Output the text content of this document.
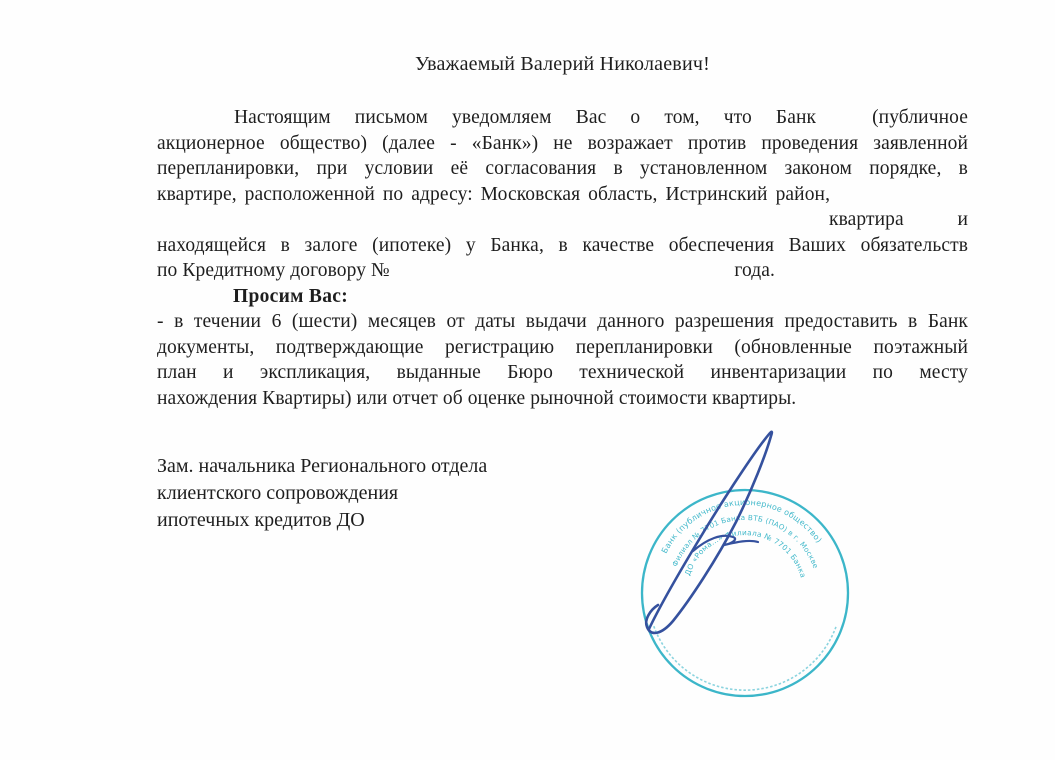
Уважаемый Валерий Николаевич!
Настоящим письмом уведомляем Вас о том, что Банк	(публичное
акционерное общество) (далее - «Банк») не возражает против проведения заявленной
перепланировки, при условии её согласования в установленном законом порядке, в
квартире, расположенной по адресу: Московская область, Истринский район,
квартира	и
находящейся в залоге (ипотеке) у Банка, в качестве обеспечения Ваших обязательств
по Кредитному договору №	года.
Просим Вас:
- в течении 6 (шести) месяцев от даты выдачи данного разрешения предоставить в Банк
документы, подтверждающие регистрацию перепланировки (обновленные поэтажный
план и экспликация, выданные Бюро технической инвентаризации по месту
нахождения Квартиры) или отчет об оценке рыночной стоимости квартиры.
Зам. начальника Регионального отдела
клиентского сопровождения
ипотечных кредитов ДО
Банк (публичное акционерное общество)
Филиал № 7701 Банка ВТБ (ПАО) в г. Москве
ДО «Рома...» Филиала № 7701 Банка
